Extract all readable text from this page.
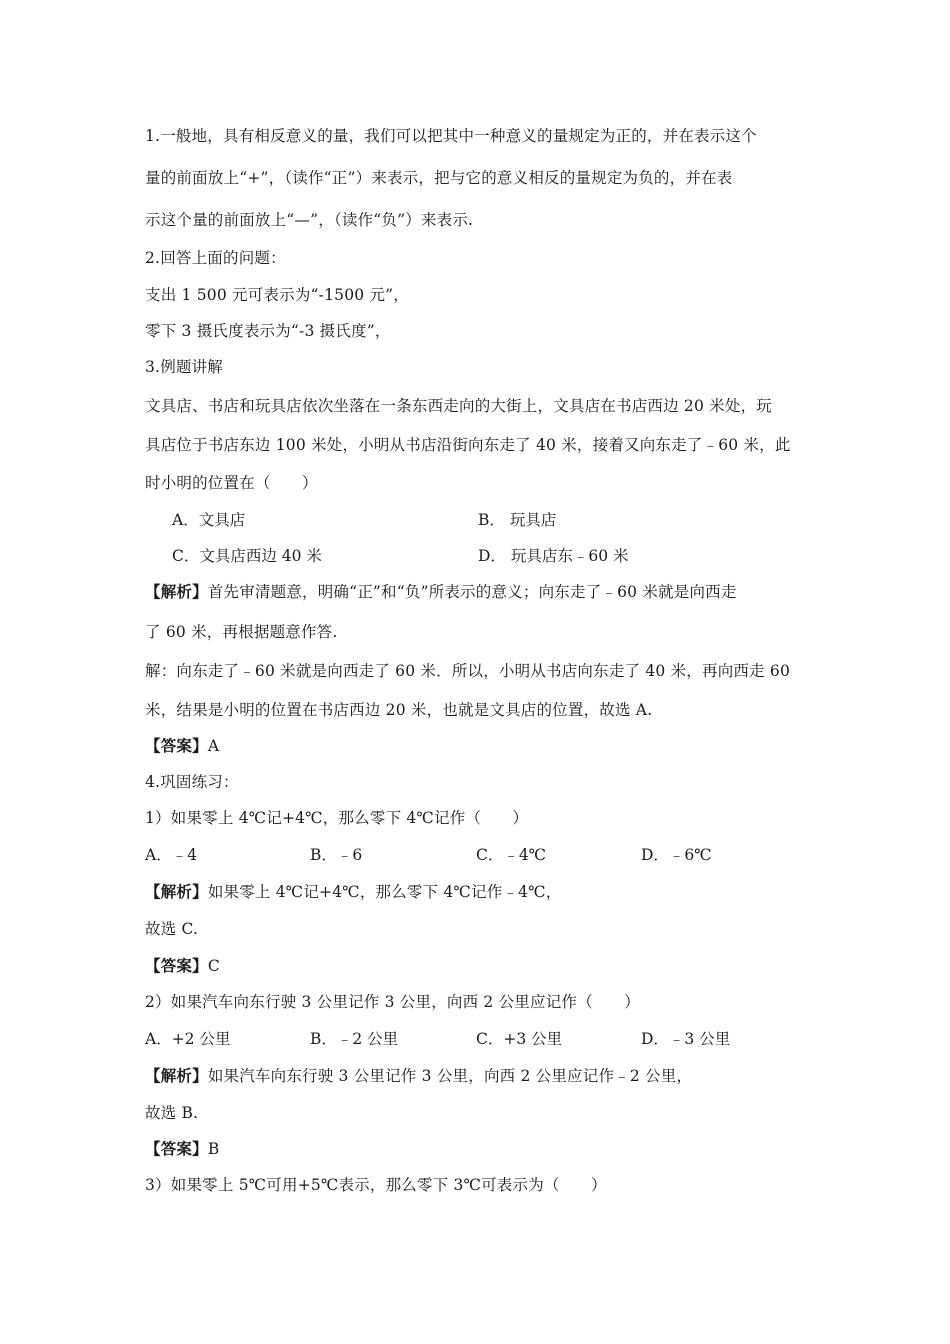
1.一般地，具有相反意义的量，我们可以把其中一种意义的量规定为正的，并在表示这个
量的前面放上“+”，（读作“正”）来表示，把与它的意义相反的量规定为负的，并在表
示这个量的前面放上“—”，（读作“负”）来表示.
2.回答上面的问题：
支出 1 500 元可表示为“-1500 元”，
零下 3 摄氏度表示为“-3 摄氏度”，
3.例题讲解
文具店、书店和玩具店依次坐落在一条东西走向的大街上，文具店在书店西边 20 米处，玩
具店位于书店东边 100 米处，小明从书店沿街向东走了 40 米，接着又向东走了﹣60 米，此
时小明的位置在（　　）
A．文具店	B． 玩具店
C．文具店西边 40 米	D． 玩具店东﹣60 米
【解析】首先审清题意，明确“正”和“负”所表示的意义；向东走了﹣60 米就是向西走
了 60 米，再根据题意作答.
解：向东走了﹣60 米就是向西走了 60 米．所以，小明从书店向东走了 40 米，再向西走 60
米，结果是小明的位置在书店西边 20 米，也就是文具店的位置，故选 A.
【答案】A
4.巩固练习：
1）如果零上 4℃记+4℃，那么零下 4℃记作（　　）
A．﹣4	B．﹣6	C．﹣4℃	D．﹣6℃
【解析】如果零上 4℃记+4℃，那么零下 4℃记作﹣4℃，
故选 C.
【答案】C
2）如果汽车向东行驶 3 公里记作 3 公里，向西 2 公里应记作（　　）
A．+2 公里	B．﹣2 公里	C．+3 公里	D．﹣3 公里
【解析】如果汽车向东行驶 3 公里记作 3 公里，向西 2 公里应记作﹣2 公里，
故选 B.
【答案】B
3）如果零上 5℃可用+5℃表示，那么零下 3℃可表示为（　　）
